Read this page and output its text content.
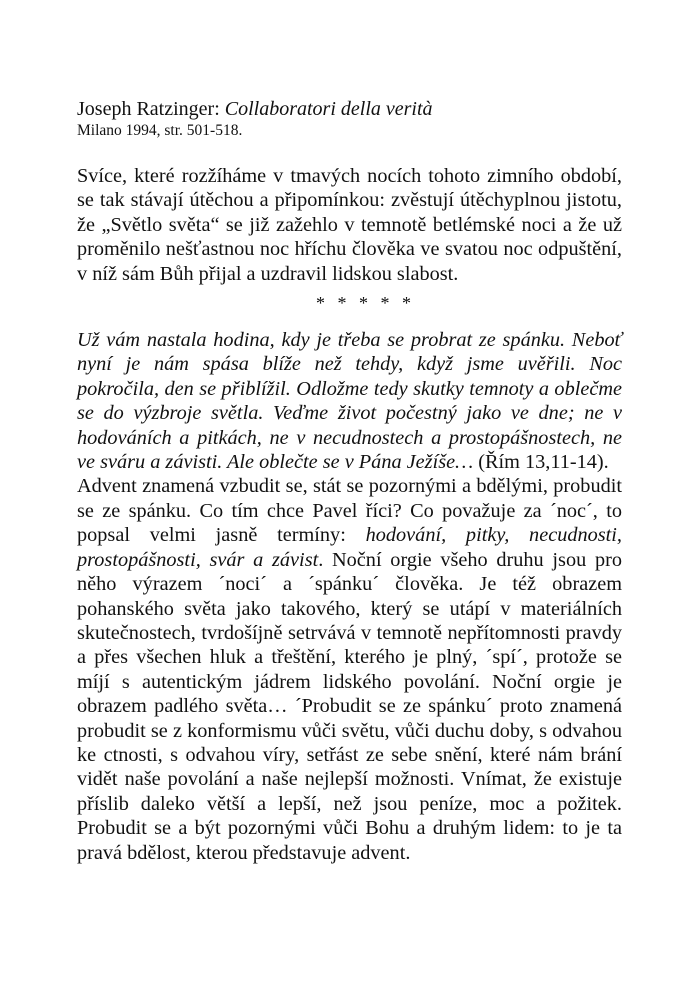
Joseph Ratzinger: Collaboratori della verità
Milano 1994, str. 501-518.

Svíce, které rozžíháme v tmavých nocích tohoto zimního období, se tak stávají útěchou a připomínkou: zvěstují útěchyplnou jistotu, že „Světlo světa“ se již zažehlo v temnotě betlémské noci a že už proměnilo nešťastnou noc hříchu člověka ve svatou noc odpuštění, v níž sám Bůh přijal a uzdravil lidskou slabost.

* * * * *

Už vám nastala hodina, kdy je třeba se probrat ze spánku. Neboť nyní je nám spása blíže než tehdy, když jsme uvěřili. Noc pokročila, den se přiblížil. Odložme tedy skutky temnoty a oblečme se do výzbroje světla. Veďme život počestný jako ve dne; ne v hodováních a pitkách, ne v necudnostech a prostopášnostech, ne ve sváru a závisti. Ale oblečte se v Pána Ježíše… (Řím 13,11-14).

Advent znamená vzbudit se, stát se pozornými a bdělými, probudit se ze spánku. Co tím chce Pavel říci? Co považuje za ´noc´, to popsal velmi jasně termíny: hodování, pitky, necudnosti, prostopášnosti, svár a závist. Noční orgie všeho druhu jsou pro něho výrazem ´noci´ a ´spánku´ člověka. Je též obrazem pohanského světa jako takového, který se utápí v materiálních skutečnostech, tvrdošíjně setrvává v temnotě nepřítomnosti pravdy a přes všechen hluk a třeštění, kterého je plný, ´spí´, protože se míjí s autentickým jádrem lidského povolání. Noční orgie je obrazem padlého světa… ´Probudit se ze spánku´ proto znamená probudit se z konformismu vůči světu, vůči duchu doby, s odvahou ke ctnosti, s odvahou víry, setřást ze sebe snění, které nám brání vidět naše povolání a naše nejlepší možnosti. Vnímat, že existuje příslib daleko větší a lepší, než jsou peníze, moc a požitek. Probudit se a být pozornými vůči Bohu a druhým lidem: to je ta pravá bdělost, kterou představuje advent.
